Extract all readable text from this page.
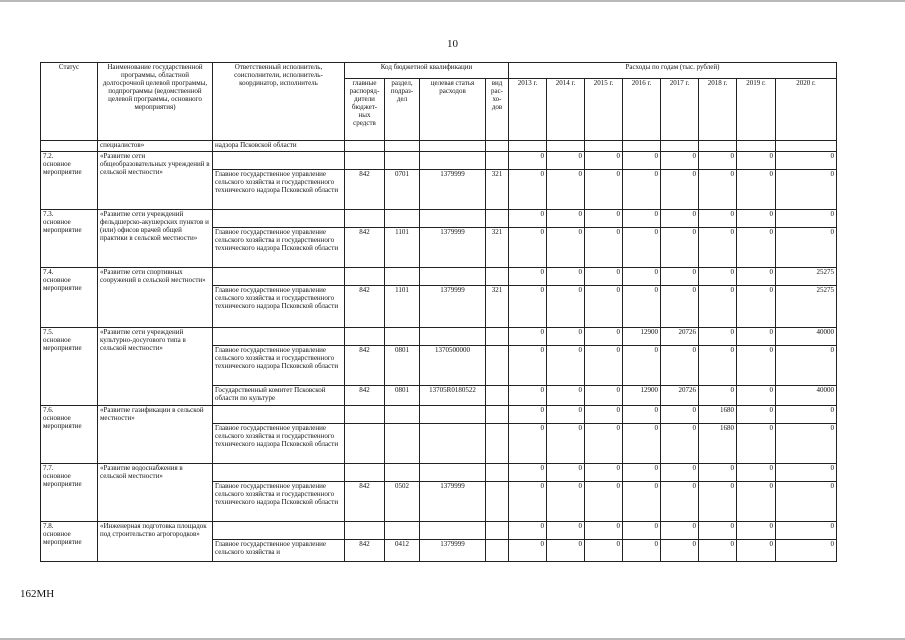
10
Статус	Наименование государственной программы, областной долгосрочной целевой программы, подпрограммы (ведомственной целевой программы, основного мероприятия)	Ответственный исполнитель, соисполнители, исполнитель-координатор, исполнитель	Код бюджетной квалификации				Расходы по годам (тыс. рублей)							
			главные распоряд-дители бюджет-ных средств	раздел, подраз-дел	целевая статья расходов	вид рас-хо-дов	2013 г.	2014 г.	2015 г.	2016 г.	2017 г.	2018 г.	2019 г.	2020 г.
	специалистов»	надзора Псковской области												
7.2.
основное мероприятие	«Развитие сети общеобразовательных учреждений в сельской местности»						0	0	0	0	0	0	0	0
		Главное государственное управление сельского хозяйства и государственного технического надзора Псковской области	842	0701	1379999	321	0	0	0	0	0	0	0	0
7.3.
основное мероприятие	«Развитие сети учреждений фельдшерско-акушерских пунктов и (или) офисов врачей общей практики в сельской местности»						0	0	0	0	0	0	0	0
		Главное государственное управление сельского хозяйства и государственного технического надзора Псковской области	842	1101	1379999	321	0	0	0	0	0	0	0	0
7.4.
основное мероприятие	«Развитие сети спортивных сооружений в сельской местности»						0	0	0	0	0	0	0	25275
		Главное государственное управление сельского хозяйства и государственного технического надзора Псковской области	842	1101	1379999	321	0	0	0	0	0	0	0	25275
7.5.
основное мероприятие	«Развитие сети учреждений культурно-досугового типа в сельской местности»						0	0	0	12900	20726	0	0	40000
		Главное государственное управление сельского хозяйства и государственного технического надзора Псковской области	842	0801	1370500000		0	0	0	0	0	0	0	0
		Государственный комитет Псковской области по культуре	842	0801	13705R0180522		0	0	0	12900	20726	0	0	40000
7.6.
основное мероприятие	«Развитие газификации в сельской местности»						0	0	0	0	0	1680	0	0
		Главное государственное управление сельского хозяйства и государственного технического надзора Псковской области					0	0	0	0	0	1680	0	0
7.7.
основное мероприятие	«Развитие водоснабжения в сельской местности»						0	0	0	0	0	0	0	0
		Главное государственное управление сельского хозяйства и государственного технического надзора Псковской области	842	0502	1379999		0	0	0	0	0	0	0	0
7.8.
основное мероприятие	«Инженерная подготовка площадок под строительство агрогородков»						0	0	0	0	0	0	0	0
		Главное государственное управление сельского хозяйства и	842	0412	1379999		0	0	0	0	0	0	0	0
162МН
